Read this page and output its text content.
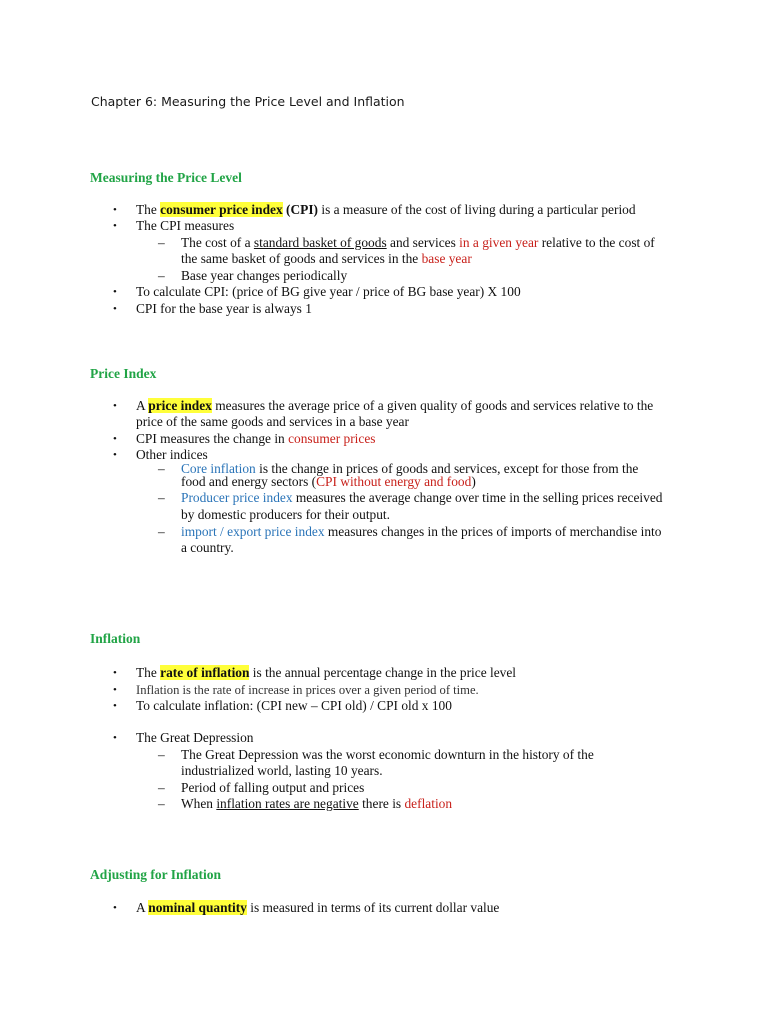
Chapter 6: Measuring the Price Level and Inflation
Measuring the Price Level
• The consumer price index (CPI) is a measure of the cost of living during a particular period
• The CPI measures
– The cost of a standard basket of goods and services in a given year relative to the cost of
the same basket of goods and services in the base year
– Base year changes periodically
• To calculate CPI: (price of BG give year / price of BG base year) X 100
• CPI for the base year is always 1
Price Index
• A price index measures the average price of a given quality of goods and services relative to the
price of the same goods and services in a base year
• CPI measures the change in consumer prices
• Other indices
– Core inflation is the change in prices of goods and services, except for those from the
food and energy sectors (CPI without energy and food)
– Producer price index measures the average change over time in the selling prices received
by domestic producers for their output.
– import / export price index measures changes in the prices of imports of merchandise into
a country.
Inflation
• The rate of inflation is the annual percentage change in the price level
• Inflation is the rate of increase in prices over a given period of time.
• To calculate inflation: (CPI new – CPI old) / CPI old x 100
• The Great Depression
– The Great Depression was the worst economic downturn in the history of the
industrialized world, lasting 10 years.
– Period of falling output and prices
– When inflation rates are negative there is deflation
Adjusting for Inflation
• A nominal quantity is measured in terms of its current dollar value
